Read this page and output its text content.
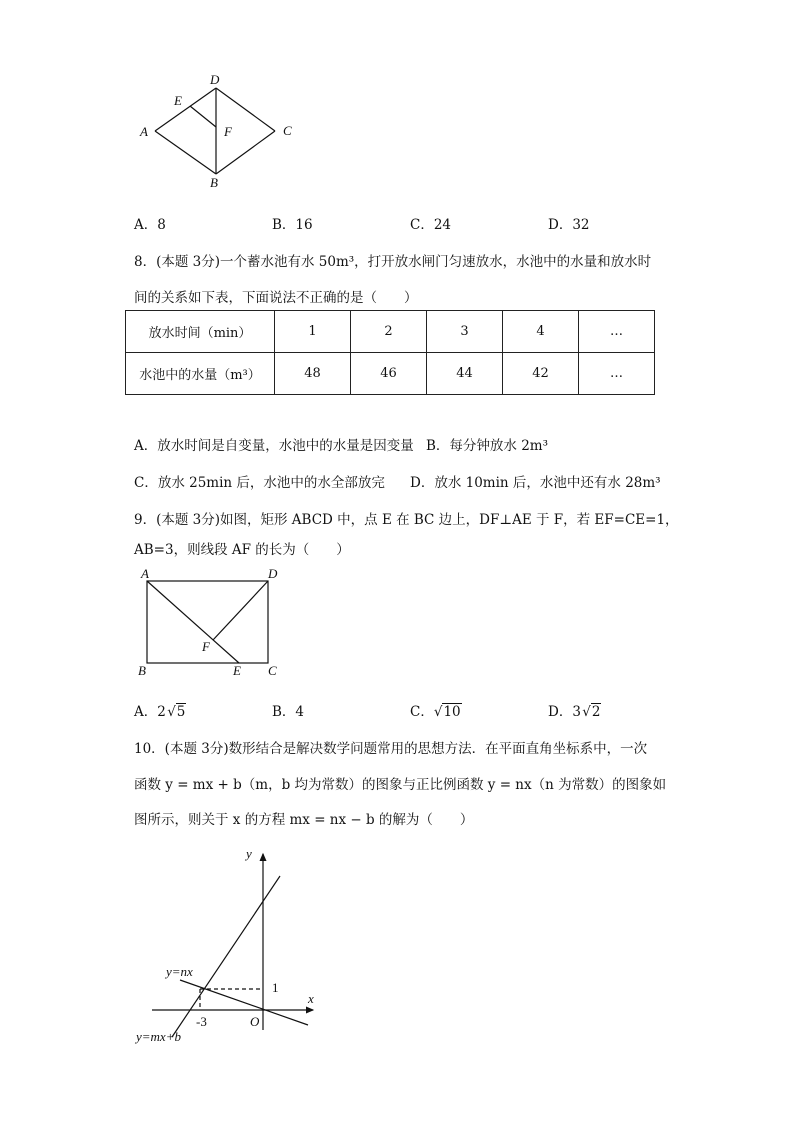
D
E
A	F	C
B
A．8	B．16	C．24	D．32
8．(本题 3分)一个蓄水池有水 50m³，打开放水闸门匀速放水，水池中的水量和放水时
间的关系如下表，下面说法不正确的是（　　）
放水时间（min）	1	2	3	4	…
水池中的水量（m³）	48	46	44	42	…
A．放水时间是自变量，水池中的水量是因变量 B．每分钟放水 2m³
C．放水 25min 后，水池中的水全部放完 D．放水 10min 后，水池中还有水 28m³
9．(本题 3分)如图，矩形 ABCD 中，点 E 在 BC 边上，DF⊥AE 于 F，若 EF=CE=1，
AB=3，则线段 AF 的长为（　　）
A	D
F
B	E C
A．2 √5	B．4	C．√10	D．3 √2
10．(本题 3分)数形结合是解决数学问题常用的思想方法．在平面直角坐标系中，一次
函数 y = mx + b（m，b 均为常数）的图象与正比例函数 y = nx（n 为常数）的图象如
图所示，则关于 x 的方程 mx = nx − b 的解为（　　）
y
x
O
1
-3
y=nx
y=mx+b
